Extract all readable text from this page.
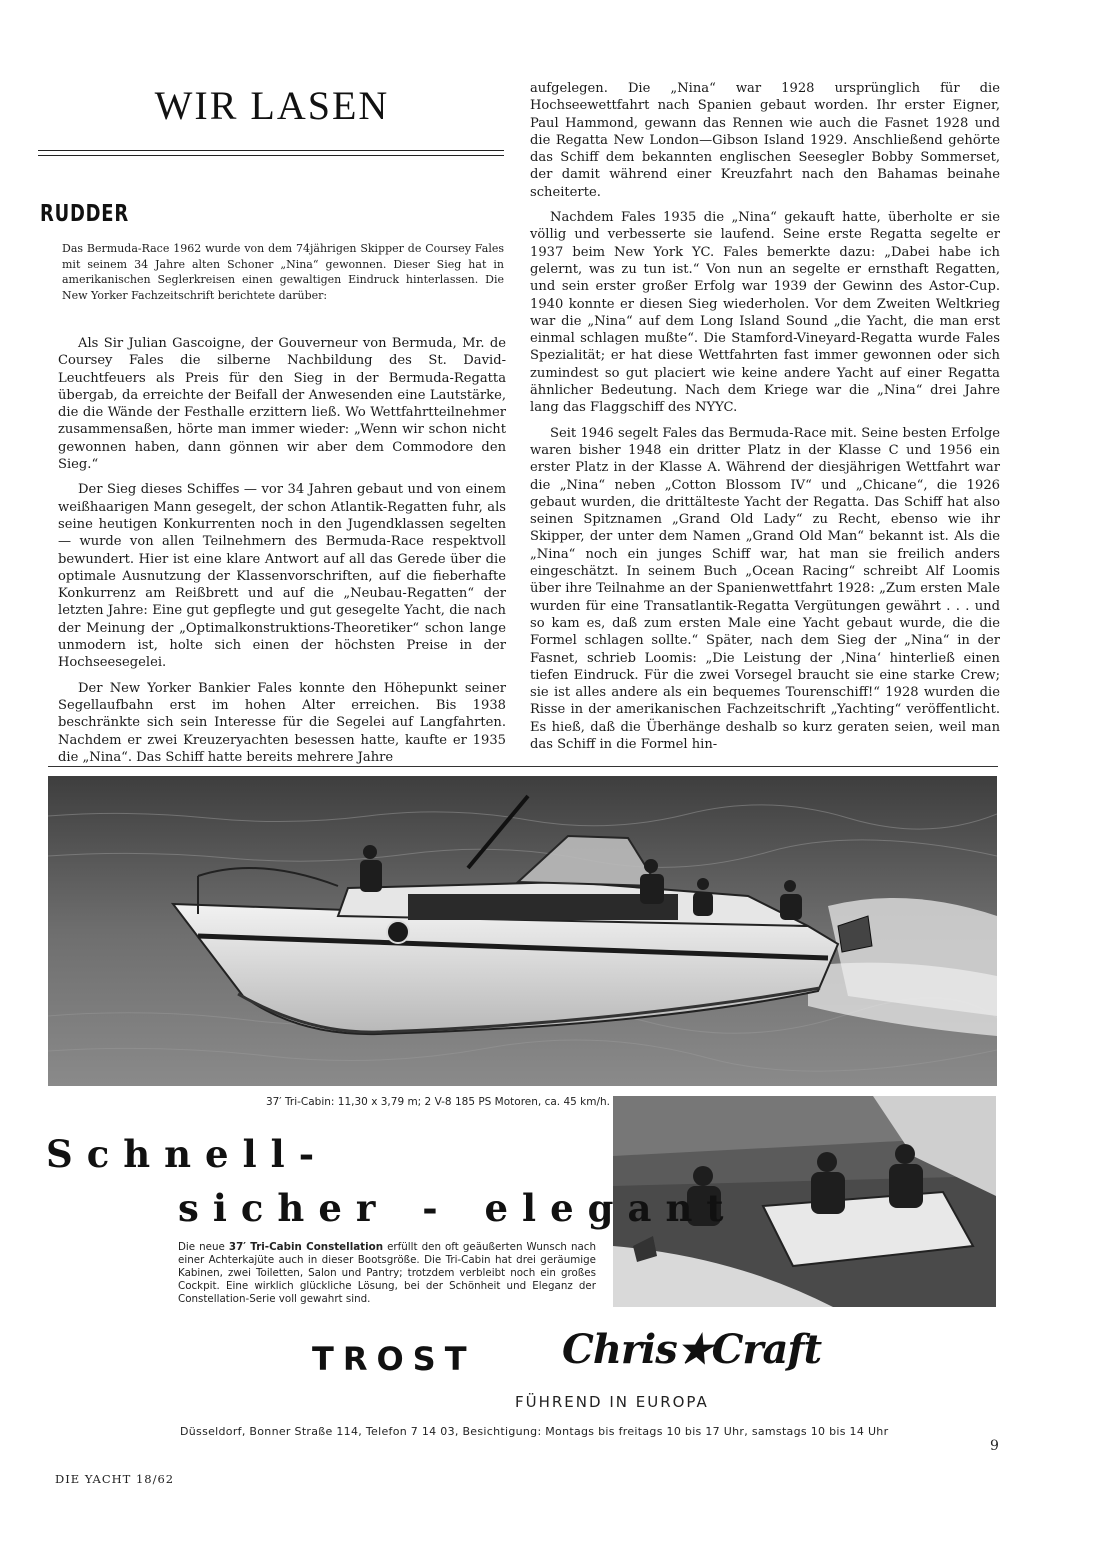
WIR LASEN
RUDDER
Das Bermuda-Race 1962 wurde von dem 74jährigen Skipper de Coursey Fales mit seinem 34 Jahre alten Schoner „Nina“ gewonnen. Dieser Sieg hat in amerikanischen Seglerkreisen einen gewaltigen Eindruck hinterlassen. Die New Yorker Fachzeitschrift berichtete darüber:

Als Sir Julian Gascoigne, der Gouverneur von Bermuda, Mr. de Coursey Fales die silberne Nachbildung des St. David-Leuchtfeuers als Preis für den Sieg in der Bermuda-Regatta übergab, da erreichte der Beifall der Anwesenden eine Lautstärke, die die Wände der Festhalle erzittern ließ. Wo Wettfahrtteilnehmer zusammensaßen, hörte man immer wieder: „Wenn wir schon nicht gewonnen haben, dann gönnen wir aber dem Commodore den Sieg.“

Der Sieg dieses Schiffes — vor 34 Jahren gebaut und von einem weißhaarigen Mann gesegelt, der schon Atlantik-Regatten fuhr, als seine heutigen Konkurrenten noch in den Jugendklassen segelten — wurde von allen Teilnehmern des Bermuda-Race respektvoll bewundert. Hier ist eine klare Antwort auf all das Gerede über die optimale Ausnutzung der Klassenvorschriften, auf die fieberhafte Konkurrenz am Reißbrett und auf die „Neubau-Regatten“ der letzten Jahre: Eine gut gepflegte und gut gesegelte Yacht, die nach der Meinung der „Optimalkonstruktions-Theoretiker“ schon lange unmodern ist, holte sich einen der höchsten Preise in der Hochseesegelei.

Der New Yorker Bankier Fales konnte den Höhepunkt seiner Segellaufbahn erst im hohen Alter erreichen. Bis 1938 beschränkte sich sein Interesse für die Segelei auf Langfahrten. Nachdem er zwei Kreuzeryachten besessen hatte, kaufte er 1935 die „Nina“. Das Schiff hatte bereits mehrere Jahre

aufgelegen. Die „Nina“ war 1928 ursprünglich für die Hochseewettfahrt nach Spanien gebaut worden. Ihr erster Eigner, Paul Hammond, gewann das Rennen wie auch die Fasnet 1928 und die Regatta New London—Gibson Island 1929. Anschließend gehörte das Schiff dem bekannten englischen Seesegler Bobby Sommerset, der damit während einer Kreuzfahrt nach den Bahamas beinahe scheiterte.

Nachdem Fales 1935 die „Nina“ gekauft hatte, überholte er sie völlig und verbesserte sie laufend. Seine erste Regatta segelte er 1937 beim New York YC. Fales bemerkte dazu: „Dabei habe ich gelernt, was zu tun ist.“ Von nun an segelte er ernsthaft Regatten, und sein erster großer Erfolg war 1939 der Gewinn des Astor-Cup. 1940 konnte er diesen Sieg wiederholen. Vor dem Zweiten Weltkrieg war die „Nina“ auf dem Long Island Sound „die Yacht, die man erst einmal schlagen mußte“. Die Stamford-Vineyard-Regatta wurde Fales Spezialität; er hat diese Wettfahrten fast immer gewonnen oder sich zumindest so gut placiert wie keine andere Yacht auf einer Regatta ähnlicher Bedeutung. Nach dem Kriege war die „Nina“ drei Jahre lang das Flaggschiff des NYYC.

Seit 1946 segelt Fales das Bermuda-Race mit. Seine besten Erfolge waren bisher 1948 ein dritter Platz in der Klasse C und 1956 ein erster Platz in der Klasse A. Während der diesjährigen Wettfahrt war die „Nina“ neben „Cotton Blossom IV“ und „Chicane“, die 1926 gebaut wurden, die drittälteste Yacht der Regatta. Das Schiff hat also seinen Spitznamen „Grand Old Lady“ zu Recht, ebenso wie ihr Skipper, der unter dem Namen „Grand Old Man“ bekannt ist. Als die „Nina“ noch ein junges Schiff war, hat man sie freilich anders eingeschätzt. In seinem Buch „Ocean Racing“ schreibt Alf Loomis über ihre Teilnahme an der Spanienwettfahrt 1928: „Zum ersten Male wurden für eine Transatlantik-Regatta Vergütungen gewährt . . . und so kam es, daß zum ersten Male eine Yacht gebaut wurde, die die Formel schlagen sollte.“ Später, nach dem Sieg der „Nina“ in der Fasnet, schrieb Loomis: „Die Leistung der ‚Nina‘ hinterließ einen tiefen Eindruck. Für die zwei Vorsegel braucht sie eine starke Crew; sie ist alles andere als ein bequemes Tourenschiff!“ 1928 wurden die Risse in der amerikanischen Fachzeitschrift „Yachting“ veröffentlicht. Es hieß, daß die Überhänge deshalb so kurz geraten seien, weil man das Schiff in die Formel hin-

37′ Tri-Cabin: 11,30 x 3,79 m; 2 V-8 185 PS Motoren, ca. 45 km/h.
Schnell-
sicher - elegant
Die neue 37′ Tri-Cabin Constellation erfüllt den oft geäußerten Wunsch nach einer Achterkajüte auch in dieser Bootsgröße. Die Tri-Cabin hat drei geräumige Kabinen, zwei Toiletten, Salon und Pantry; trotzdem verbleibt noch ein großes Cockpit. Eine wirklich glückliche Lösung, bei der Schönheit und Eleganz der Constellation-Serie voll gewahrt sind.
TROST Chris★Craft
FÜHREND IN EUROPA
Düsseldorf, Bonner Straße 114, Telefon 7 14 03, Besichtigung: Montags bis freitags 10 bis 17 Uhr, samstags 10 bis 14 Uhr
DIE YACHT 18/62
9
